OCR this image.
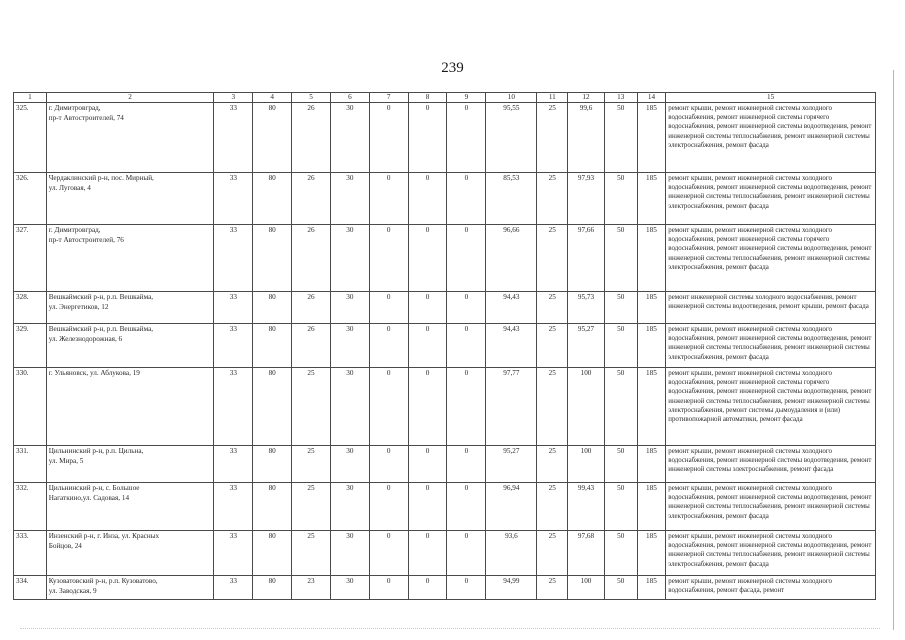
239
1	2	3	4	5	6	7	8	9	10	11	12	13	14	15
325.	г. Димитровград,
пр-т Автостроителей, 74	33	80	26	30	0	0	0	95,55	25	99,6	50	185	ремонт крыши, ремонт инженерной системы холодного водоснабжения, ремонт инженерной системы горячего водоснабжения, ремонт инженерной системы водоотведения, ремонт инженерной системы теплоснабжения, ремонт инженерной системы электроснабжения, ремонт фасада
326.	Чердаклинский р-н, пос. Мирный,
ул. Луговая, 4	33	80	26	30	0	0	0	85,53	25	97,93	50	185	ремонт крыши, ремонт инженерной системы холодного водоснабжения, ремонт инженерной системы водоотведения, ремонт инженерной системы теплоснабжения, ремонт инженерной системы электроснабжения, ремонт фасада
327.	г. Димитровград,
пр-т Автостроителей, 76	33	80	26	30	0	0	0	96,66	25	97,66	50	185	ремонт крыши, ремонт инженерной системы холодного водоснабжения, ремонт инженерной системы горячего водоснабжения, ремонт инженерной системы водоотведения, ремонт инженерной системы теплоснабжения, ремонт инженерной системы электроснабжения, ремонт фасада
328.	Вешкаймский р-н, р.п. Вешкайма,
ул. Энергетиков, 12	33	80	26	30	0	0	0	94,43	25	95,73	50	185	ремонт инженерной системы холодного водоснабжения, ремонт инженерной системы водоотведения, ремонт крыши, ремонт фасада
329.	Вешкаймский р-н, р.п. Вешкайма,
ул. Железнодорожная, 6	33	80	26	30	0	0	0	94,43	25	95,27	50	185	ремонт крыши, ремонт инженерной системы холодного водоснабжения, ремонт инженерной системы водоотведения, ремонт инженерной системы теплоснабжения, ремонт инженерной системы электроснабжения, ремонт фасада
330.	г. Ульяновск, ул. Аблукова, 19	33	80	25	30	0	0	0	97,77	25	100	50	185	ремонт крыши, ремонт инженерной системы холодного водоснабжения, ремонт инженерной системы горячего водоснабжения, ремонт инженерной системы водоотведения, ремонт инженерной системы теплоснабжения, ремонт инженерной системы электроснабжения, ремонт системы дымоудаления и (или) противопожарной автоматики, ремонт фасада
331.	Цильнинский р-н, р.п. Цильна,
ул. Мира, 5	33	80	25	30	0	0	0	95,27	25	100	50	185	ремонт крыши, ремонт инженерной системы холодного водоснабжения, ремонт инженерной системы водоотведения, ремонт инженерной системы электроснабжения, ремонт фасада
332.	Цильнинский р-н, с. Большое
Нагаткино,ул. Садовая, 14	33	80	25	30	0	0	0	96,94	25	99,43	50	185	ремонт крыши, ремонт инженерной системы холодного водоснабжения, ремонт инженерной системы водоотведения, ремонт инженерной системы теплоснабжения, ремонт инженерной системы электроснабжения, ремонт фасада
333.	Инзенский р-н, г. Инза, ул. Красных
Бойцов, 24	33	80	25	30	0	0	0	93,6	25	97,68	50	185	ремонт крыши, ремонт инженерной системы холодного водоснабжения, ремонт инженерной системы водоотведения, ремонт инженерной системы теплоснабжения, ремонт инженерной системы электроснабжения, ремонт фасада
334.	Кузоватовский р-н, р.п. Кузоватово,
ул. Заводская, 9	33	80	23	30	0	0	0	94,99	25	100	50	185	ремонт крыши, ремонт инженерной системы холодного водоснабжения, ремонт фасада, ремонт
